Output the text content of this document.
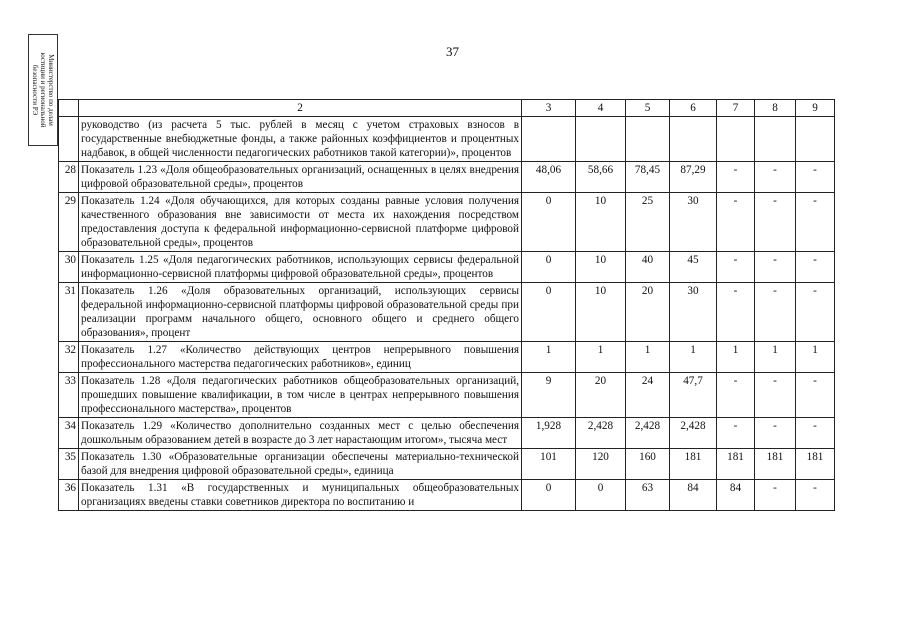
37
Министерство по делам
юстиции и региональной
безопасности РЭ
		2	3	4	5	6	7	8	9
	руководство (из расчета 5 тыс. рублей в месяц с учетом страховых взносов в государственные внебюджетные фонды, а также районных коэффициентов и процентных надбавок, в общей численности педагогических работников такой категории)», процентов							
28	Показатель 1.23 «Доля общеобразовательных организаций, оснащенных в целях внедрения цифровой образовательной среды», процентов	48,06	58,66	78,45	87,29	-	-	-
29	Показатель 1.24 «Доля обучающихся, для которых созданы равные условия получения качественного образования вне зависимости от места их нахождения посредством предоставления доступа к федеральной информационно-сервисной платформе цифровой образовательной среды», процентов	0	10	25	30	-	-	-
30	Показатель 1.25 «Доля педагогических работников, использующих сервисы федеральной информационно-сервисной платформы цифровой образовательной среды», процентов	0	10	40	45	-	-	-
31	Показатель 1.26 «Доля образовательных организаций, использующих сервисы федеральной информационно-сервисной платформы цифровой образовательной среды при реализации программ начального общего, основного общего и среднего общего образования», процент	0	10	20	30	-	-	-
32	Показатель 1.27 «Количество действующих центров непрерывного повышения профессионального мастерства педагогических работников», единиц	1	1	1	1	1	1	1
33	Показатель 1.28 «Доля педагогических работников общеобразовательных организаций, прошедших повышение квалификации, в том числе в центрах непрерывного повышения профессионального мастерства», процентов	9	20	24	47,7	-	-	-
34	Показатель 1.29 «Количество дополнительно созданных мест с целью обеспечения дошкольным образованием детей в возрасте до 3 лет нарастающим итогом», тысяча мест	1,928	2,428	2,428	2,428	-	-	-
35	Показатель 1.30 «Образовательные организации обеспечены материально-технической базой для внедрения цифровой образовательной среды», единица	101	120	160	181	181	181	181
36	Показатель 1.31 «В государственных и муниципальных общеобразовательных организациях введены ставки советников директора по воспитанию и	0	0	63	84	84	-	-
